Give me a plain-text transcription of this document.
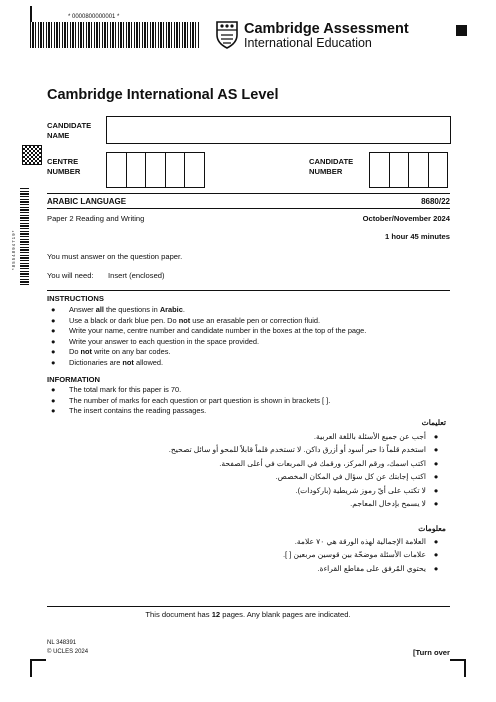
* 0000800000001 *
Cambridge Assessment
International Education
Cambridge International AS Level
CANDIDATE
NAME
CENTRE
NUMBER
CANDIDATE
NUMBER
* 8 5 5 4 8 9 4 7 1 9 *
ARABIC LANGUAGE	8680/22
Paper 2 Reading and Writing	October/November 2024
1 hour 45 minutes
You must answer on the question paper.
You will need: Insert (enclosed)
INSTRUCTIONS
●	Answer all the questions in Arabic.
●	Use a black or dark blue pen. Do not use an erasable pen or correction fluid.
●	Write your name, centre number and candidate number in the boxes at the top of the page.
●	Write your answer to each question in the space provided.
●	Do not write on any bar codes.
●	Dictionaries are not allowed.
INFORMATION
●	The total mark for this paper is 70.
●	The number of marks for each question or part question is shown in brackets [ ].
●	The insert contains the reading passages.
تعليمات
●
أجب عن جميع الأسئلة باللغة العربية.
●
استخدم قلماً ذا حبر أسود أو أزرق داكن. لا تستخدم قلماً قابلاً للمحو أو سائل تصحيح.
●
اكتب اسمك، ورقم المركز، ورقمك في المربعات في أعلى الصفحة.
●
اكتب إجابتك عن كل سؤال في المكان المخصص.
●
لا تكتب على أيّ رموز شريطية (باركودات).
●
لا يسمح بإدخال المعاجم.
معلومات
●
العلامة الإجمالية لهذه الورقة هي ٧٠ علامة.
●
علامات الأسئلة موضحّة بين قوسين مربعين [ ].
●
يحتوي المُرفق على مقاطع القراءة.
This document has 12 pages. Any blank pages are indicated.
NL 348391
© UCLES 2024	[Turn over
